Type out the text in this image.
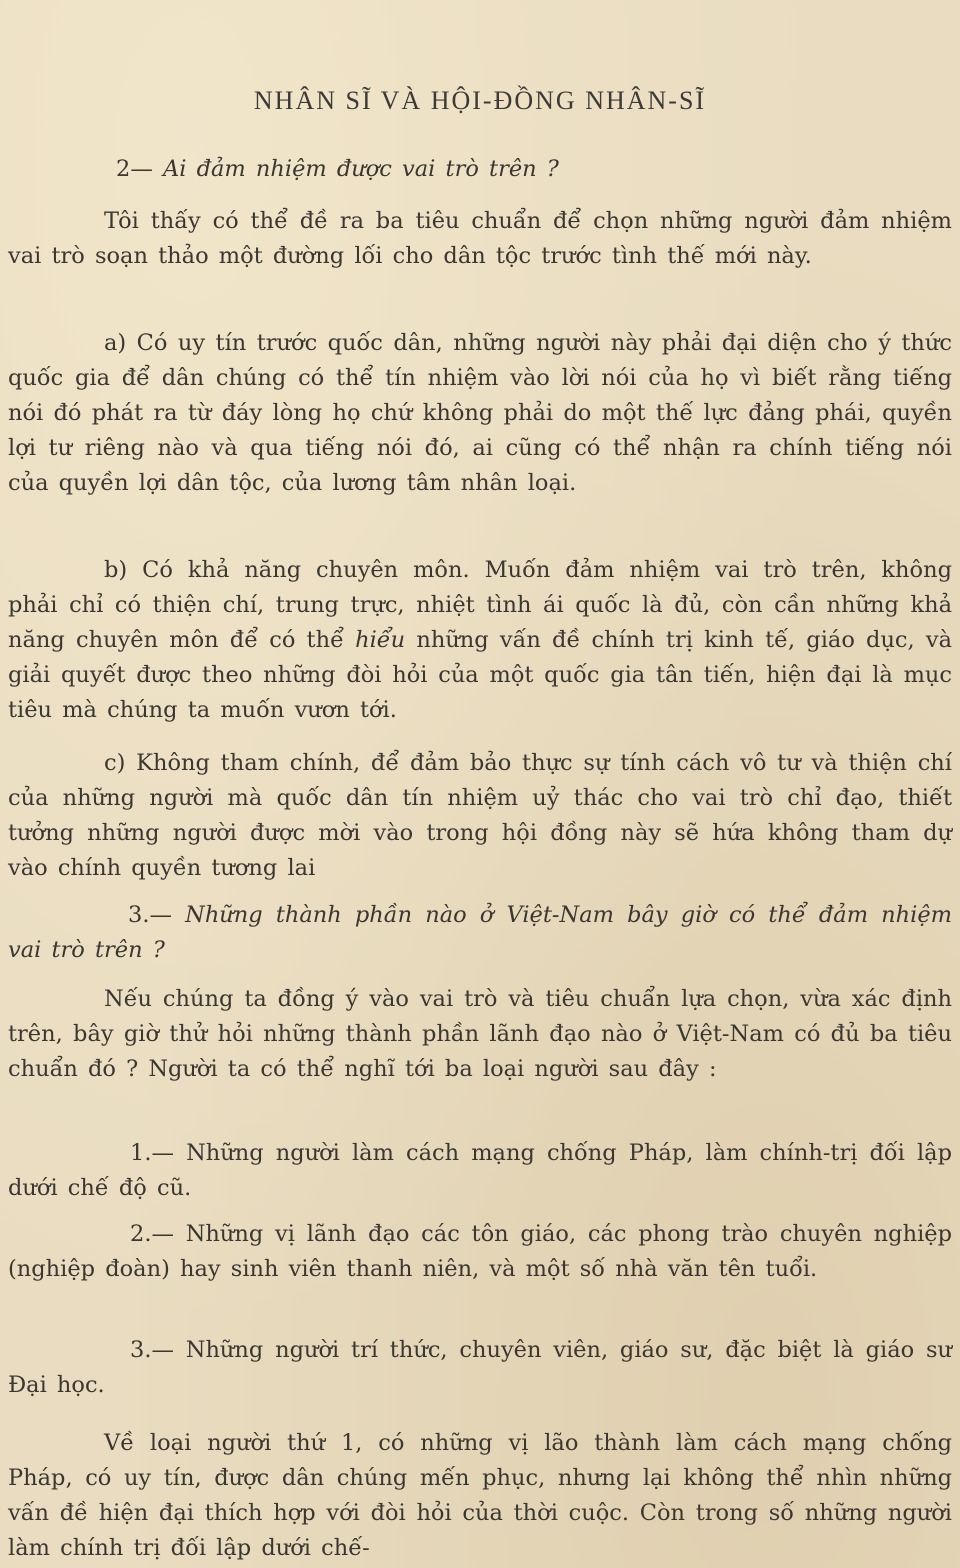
NHÂN SĨ VÀ HỘI-ĐỒNG NHÂN-SĨ

2— Ai đảm nhiệm được vai trò trên ?

Tôi thấy có thể đề ra ba tiêu chuẩn để chọn những người đảm nhiệm vai trò soạn thảo một đường lối cho dân tộc trước tình thế mới này.

a) Có uy tín trước quốc dân, những người này phải đại diện cho ý thức quốc gia để dân chúng có thể tín nhiệm vào lời nói của họ vì biết rằng tiếng nói đó phát ra từ đáy lòng họ chứ không phải do một thế lực đảng phái, quyền lợi tư riêng nào và qua tiếng nói đó, ai cũng có thể nhận ra chính tiếng nói của quyền lợi dân tộc, của lương tâm nhân loại.

b) Có khả năng chuyên môn. Muốn đảm nhiệm vai trò trên, không phải chỉ có thiện chí, trung trực, nhiệt tình ái quốc là đủ, còn cần những khả năng chuyên môn để có thể hiểu những vấn đề chính trị kinh tế, giáo dục, và giải quyết được theo những đòi hỏi của một quốc gia tân tiến, hiện đại là mục tiêu mà chúng ta muốn vươn tới.

c) Không tham chính, để đảm bảo thực sự tính cách vô tư và thiện chí của những người mà quốc dân tín nhiệm uỷ thác cho vai trò chỉ đạo, thiết tưởng những người được mời vào trong hội đồng này sẽ hứa không tham dự vào chính quyền tương lai

3.— Những thành phần nào ở Việt-Nam bây giờ có thể đảm nhiệm vai trò trên ?

Nếu chúng ta đồng ý vào vai trò và tiêu chuẩn lựa chọn, vừa xác định trên, bây giờ thử hỏi những thành phần lãnh đạo nào ở Việt-Nam có đủ ba tiêu chuẩn đó ? Người ta có thể nghĩ tới ba loại người sau đây :

1.— Những người làm cách mạng chống Pháp, làm chính-trị đối lập dưới chế độ cũ.

2.— Những vị lãnh đạo các tôn giáo, các phong trào chuyên nghiệp (nghiệp đoàn) hay sinh viên thanh niên, và một số nhà văn tên tuổi.

3.— Những người trí thức, chuyên viên, giáo sư, đặc biệt là giáo sư Đại học.

Về loại người thứ 1, có những vị lão thành làm cách mạng chống Pháp, có uy tín, được dân chúng mến phục, nhưng lại không thể nhìn những vấn đề hiện đại thích hợp với đòi hỏi của thời cuộc. Còn trong số những người làm chính trị đối lập dưới chế-
